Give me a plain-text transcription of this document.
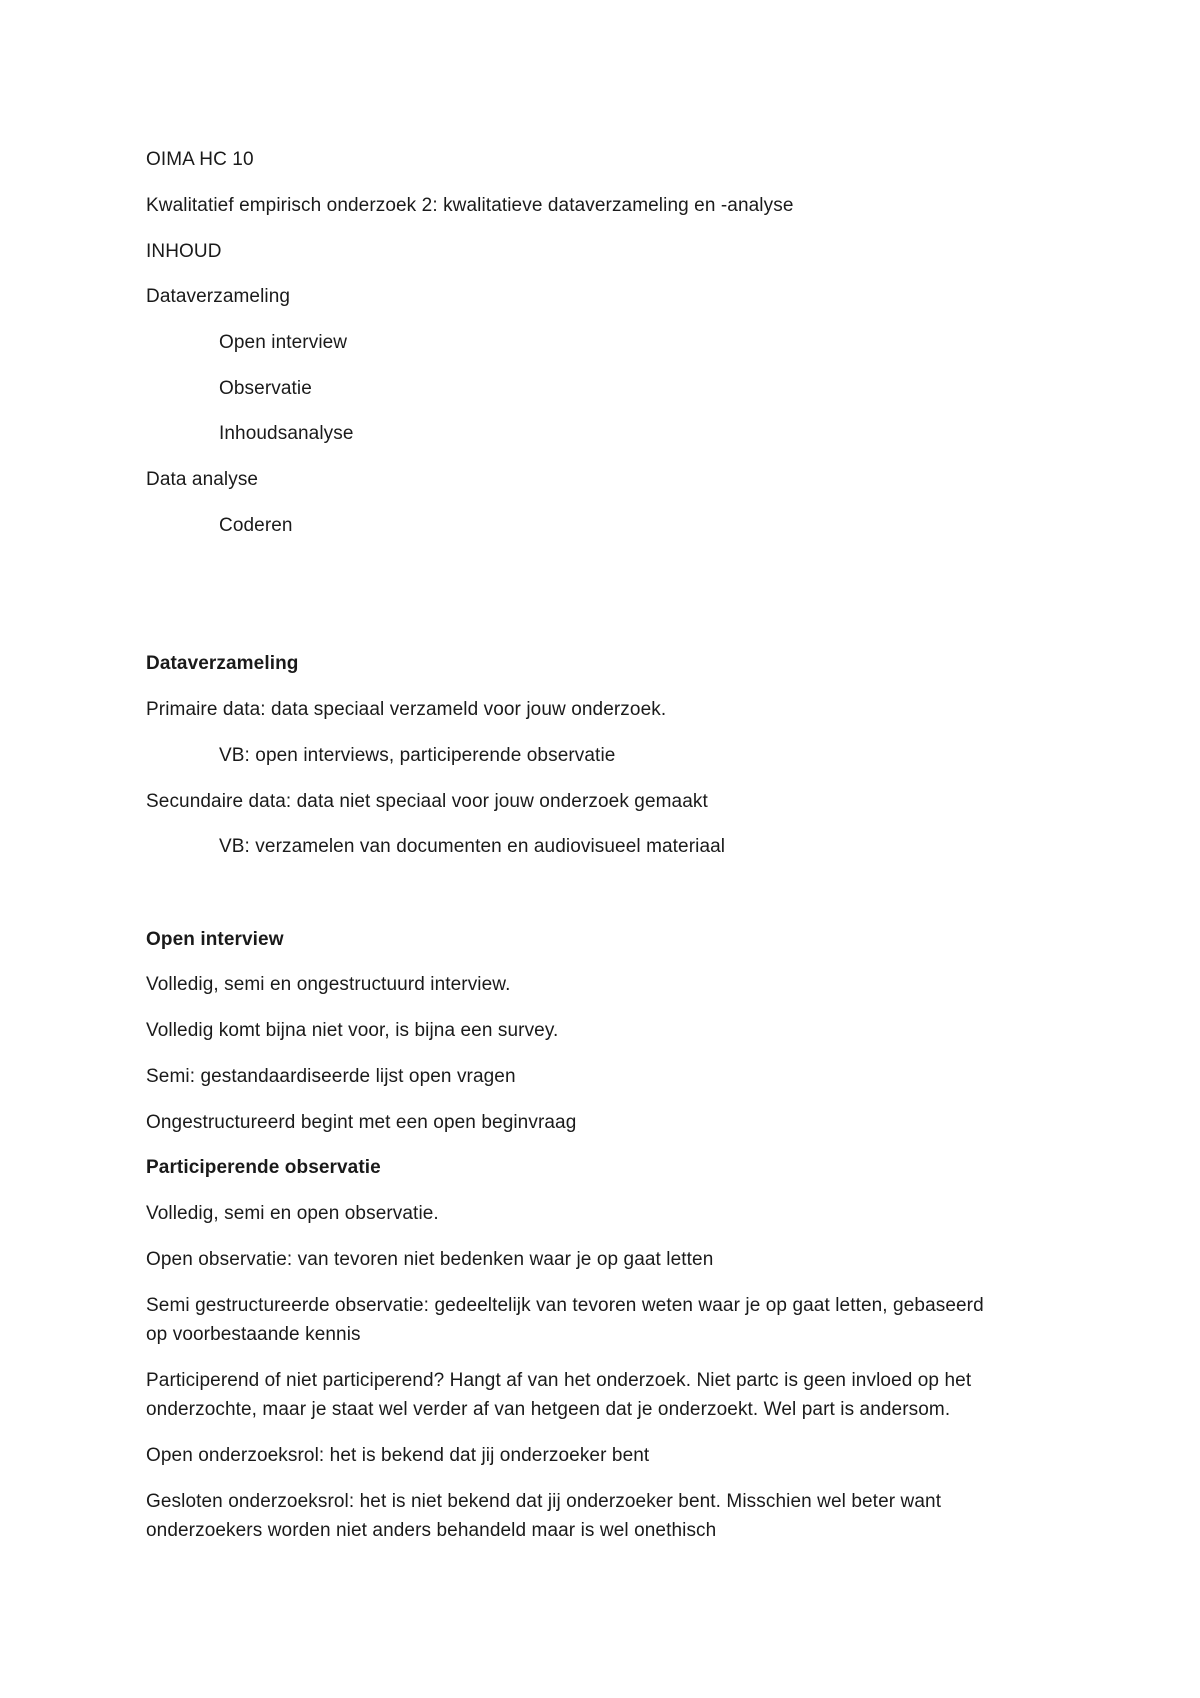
OIMA HC 10
Kwalitatief empirisch onderzoek 2: kwalitatieve dataverzameling en -analyse
INHOUD
Dataverzameling
Open interview
Observatie
Inhoudsanalyse
Data analyse
Coderen
Dataverzameling
Primaire data: data speciaal verzameld voor jouw onderzoek.
VB: open interviews, participerende observatie
Secundaire data: data niet speciaal voor jouw onderzoek gemaakt
VB: verzamelen van documenten en audiovisueel materiaal
Open interview
Volledig, semi en ongestructuurd interview.
Volledig komt bijna niet voor, is bijna een survey.
Semi: gestandaardiseerde lijst open vragen
Ongestructureerd begint met een open beginvraag
Participerende observatie
Volledig, semi en open observatie.
Open observatie: van tevoren niet bedenken waar je op gaat letten
Semi gestructureerde observatie: gedeeltelijk van tevoren weten waar je op gaat letten, gebaseerd
op voorbestaande kennis
Participerend of niet participerend? Hangt af van het onderzoek. Niet partc is geen invloed op het
onderzochte, maar je staat wel verder af van hetgeen dat je onderzoekt. Wel part is andersom.
Open onderzoeksrol: het is bekend dat jij onderzoeker bent
Gesloten onderzoeksrol: het is niet bekend dat jij onderzoeker bent. Misschien wel beter want
onderzoekers worden niet anders behandeld maar is wel onethisch
